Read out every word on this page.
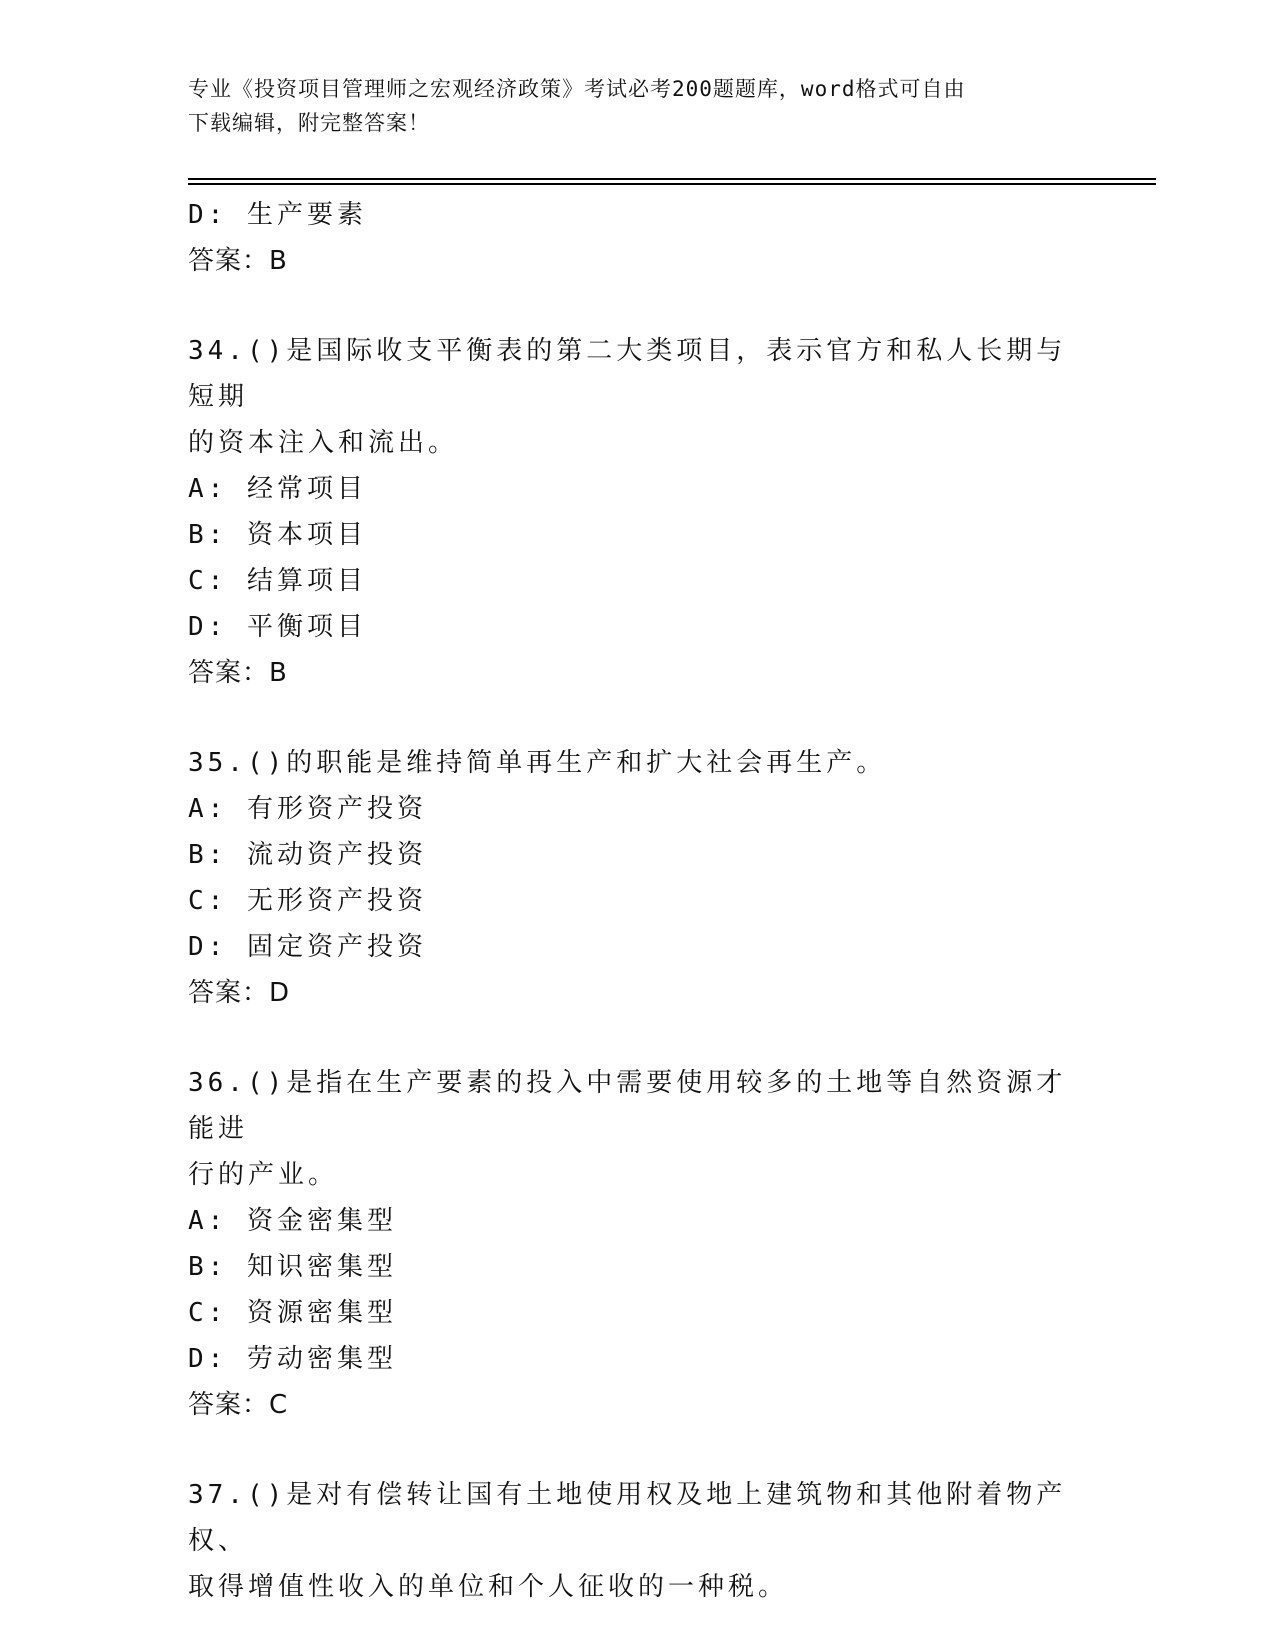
专业《投资项目管理师之宏观经济政策》考试必考200题题库，word格式可自由
下载编辑，附完整答案！
D: 生产要素
答案：B
34.()是国际收支平衡表的第二大类项目，表示官方和私人长期与短期
的资本注入和流出。
A: 经常项目
B: 资本项目
C: 结算项目
D: 平衡项目
答案：B
35.()的职能是维持简单再生产和扩大社会再生产。
A: 有形资产投资
B: 流动资产投资
C: 无形资产投资
D: 固定资产投资
答案：D
36.()是指在生产要素的投入中需要使用较多的土地等自然资源才能进
行的产业。
A: 资金密集型
B: 知识密集型
C: 资源密集型
D: 劳动密集型
答案：C
37.()是对有偿转让国有土地使用权及地上建筑物和其他附着物产权、
取得增值性收入的单位和个人征收的一种税。
